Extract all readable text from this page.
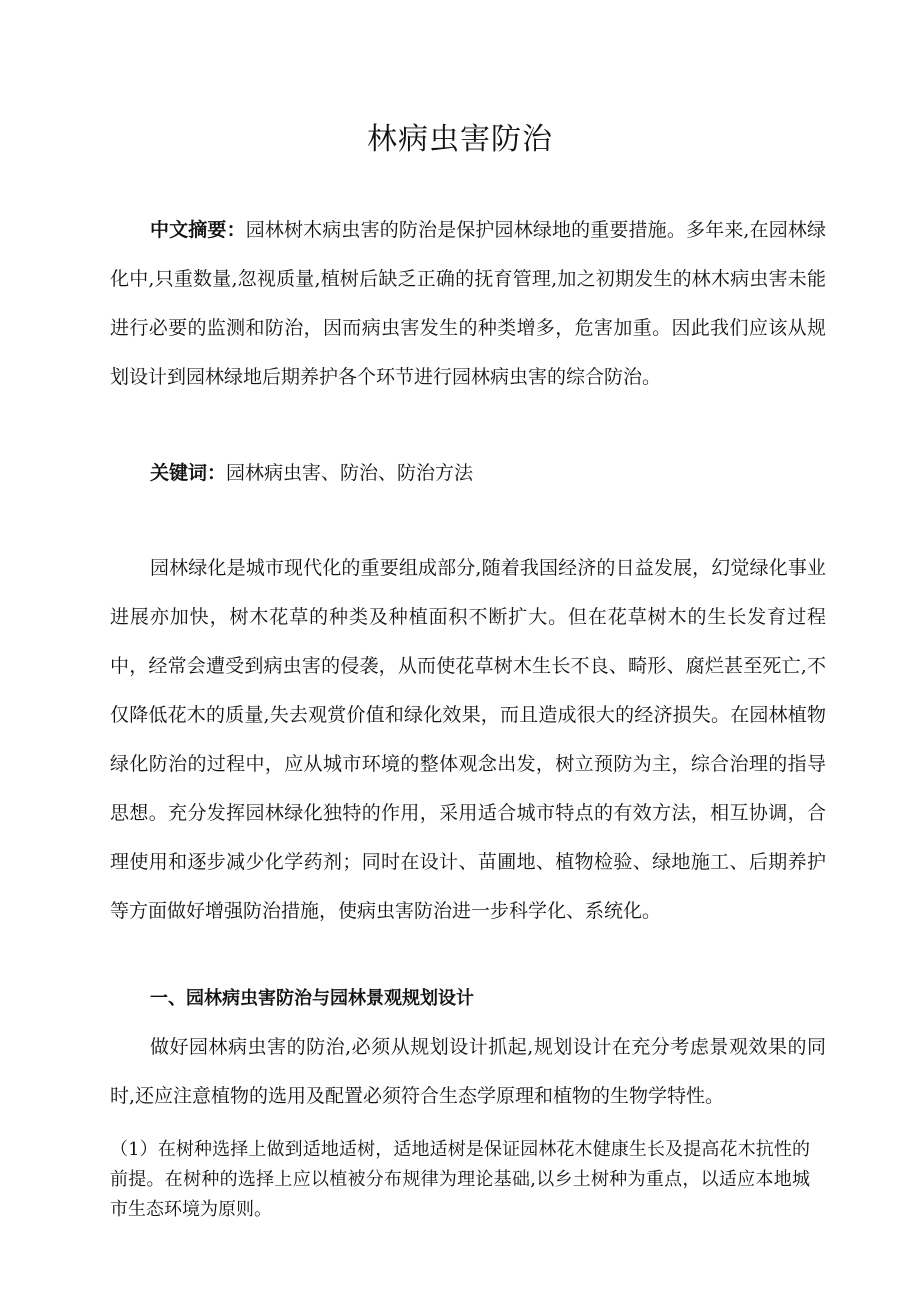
林病虫害防治

中文摘要：园林树木病虫害的防治是保护园林绿地的重要措施。多年来,在园林绿化中,只重数量,忽视质量,植树后缺乏正确的抚育管理,加之初期发生的林木病虫害未能进行必要的监测和防治，因而病虫害发生的种类增多，危害加重。因此我们应该从规划设计到园林绿地后期养护各个环节进行园林病虫害的综合防治。

关键词：园林病虫害、防治、防治方法

园林绿化是城市现代化的重要组成部分,随着我国经济的日益发展，幻觉绿化事业进展亦加快，树木花草的种类及种植面积不断扩大。但在花草树木的生长发育过程中，经常会遭受到病虫害的侵袭，从而使花草树木生长不良、畸形、腐烂甚至死亡,不仅降低花木的质量,失去观赏价值和绿化效果，而且造成很大的经济损失。在园林植物绿化防治的过程中，应从城市环境的整体观念出发，树立预防为主，综合治理的指导思想。充分发挥园林绿化独特的作用，采用适合城市特点的有效方法，相互协调，合理使用和逐步减少化学药剂；同时在设计、苗圃地、植物检验、绿地施工、后期养护等方面做好增强防治措施，使病虫害防治进一步科学化、系统化。

一、园林病虫害防治与园林景观规划设计

做好园林病虫害的防治,必须从规划设计抓起,规划设计在充分考虑景观效果的同时,还应注意植物的选用及配置必须符合生态学原理和植物的生物学特性。

（1）在树种选择上做到适地适树，适地适树是保证园林花木健康生长及提高花木抗性的前提。在树种的选择上应以植被分布规律为理论基础,以乡土树种为重点，以适应本地城市生态环境为原则。
